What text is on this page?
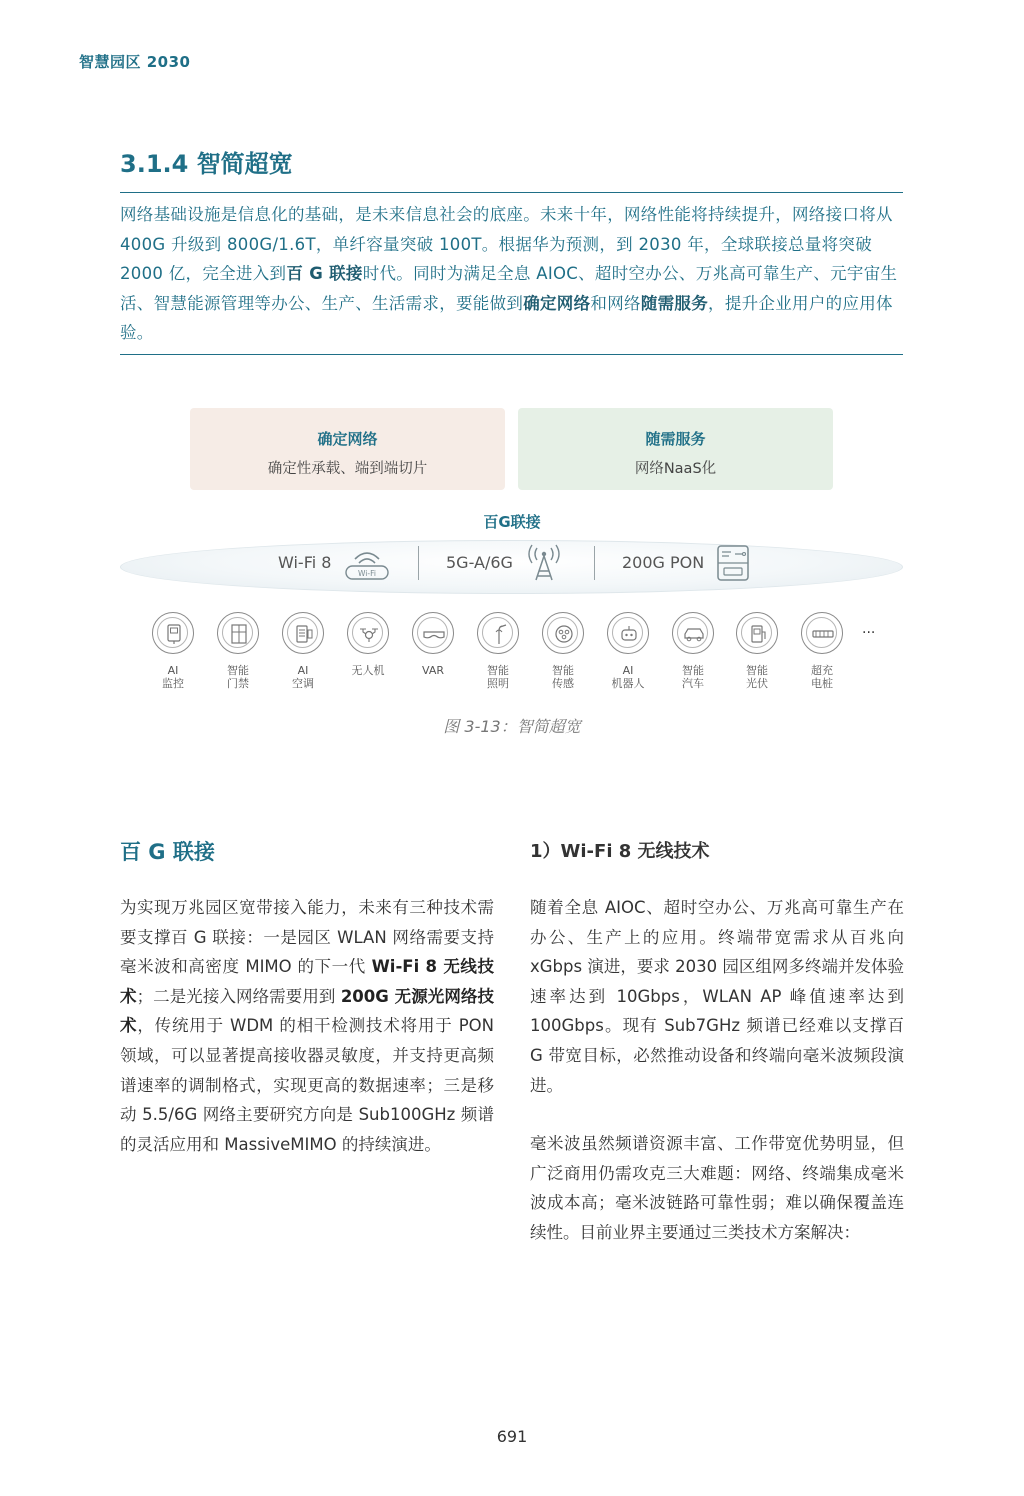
智慧园区 2030
3.1.4 智简超宽
网络基础设施是信息化的基础，是未来信息社会的底座。未来十年，网络性能将持续提升，网络接口将从 400G 升级到 800G/1.6T，单纤容量突破 100T。根据华为预测，到 2030 年，全球联接总量将突破 2000 亿，完全进入到百 G 联接时代。同时为满足全息 AIOC、超时空办公、万兆高可靠生产、元宇宙生活、智慧能源管理等办公、生产、生活需求，要能做到确定网络和网络随需服务，提升企业用户的应用体验。
确定网络
确定性承载、端到端切片
随需服务
网络NaaS化
百G联接
Wi-Fi 8
Wi-Fi
5G-A/6G	200G PON
AI
监控
智能
门禁
AI
空调
无人机	VAR	智能
照明
智能
传感
AI
机器人
智能
汽车
智能
光伏
超充
电桩
...
图 3-13：智简超宽
百 G 联接	1）Wi-Fi 8 无线技术
为实现万兆园区宽带接入能力，未来有三种技术需要支撑百 G 联接：一是园区 WLAN 网络需要支持毫米波和高密度 MIMO 的下一代 Wi-Fi 8 无线技术；二是光接入网络需要用到 200G 无源光网络技术，传统用于 WDM 的相干检测技术将用于 PON 领域，可以显著提高接收器灵敏度，并支持更高频谱速率的调制格式，实现更高的数据速率；三是移动 5.5/6G 网络主要研究方向是 Sub100GHz 频谱的灵活应用和 MassiveMIMO 的持续演进。
随着全息 AIOC、超时空办公、万兆高可靠生产在办公、生产上的应用。终端带宽需求从百兆向 xGbps 演进，要求 2030 园区组网多终端并发体验速率达到 10Gbps，WLAN AP 峰值速率达到 100Gbps。现有 Sub7GHz 频谱已经难以支撑百 G 带宽目标，必然推动设备和终端向毫米波频段演进。
毫米波虽然频谱资源丰富、工作带宽优势明显，但广泛商用仍需攻克三大难题：网络、终端集成毫米波成本高；毫米波链路可靠性弱；难以确保覆盖连续性。目前业界主要通过三类技术方案解决：
691
